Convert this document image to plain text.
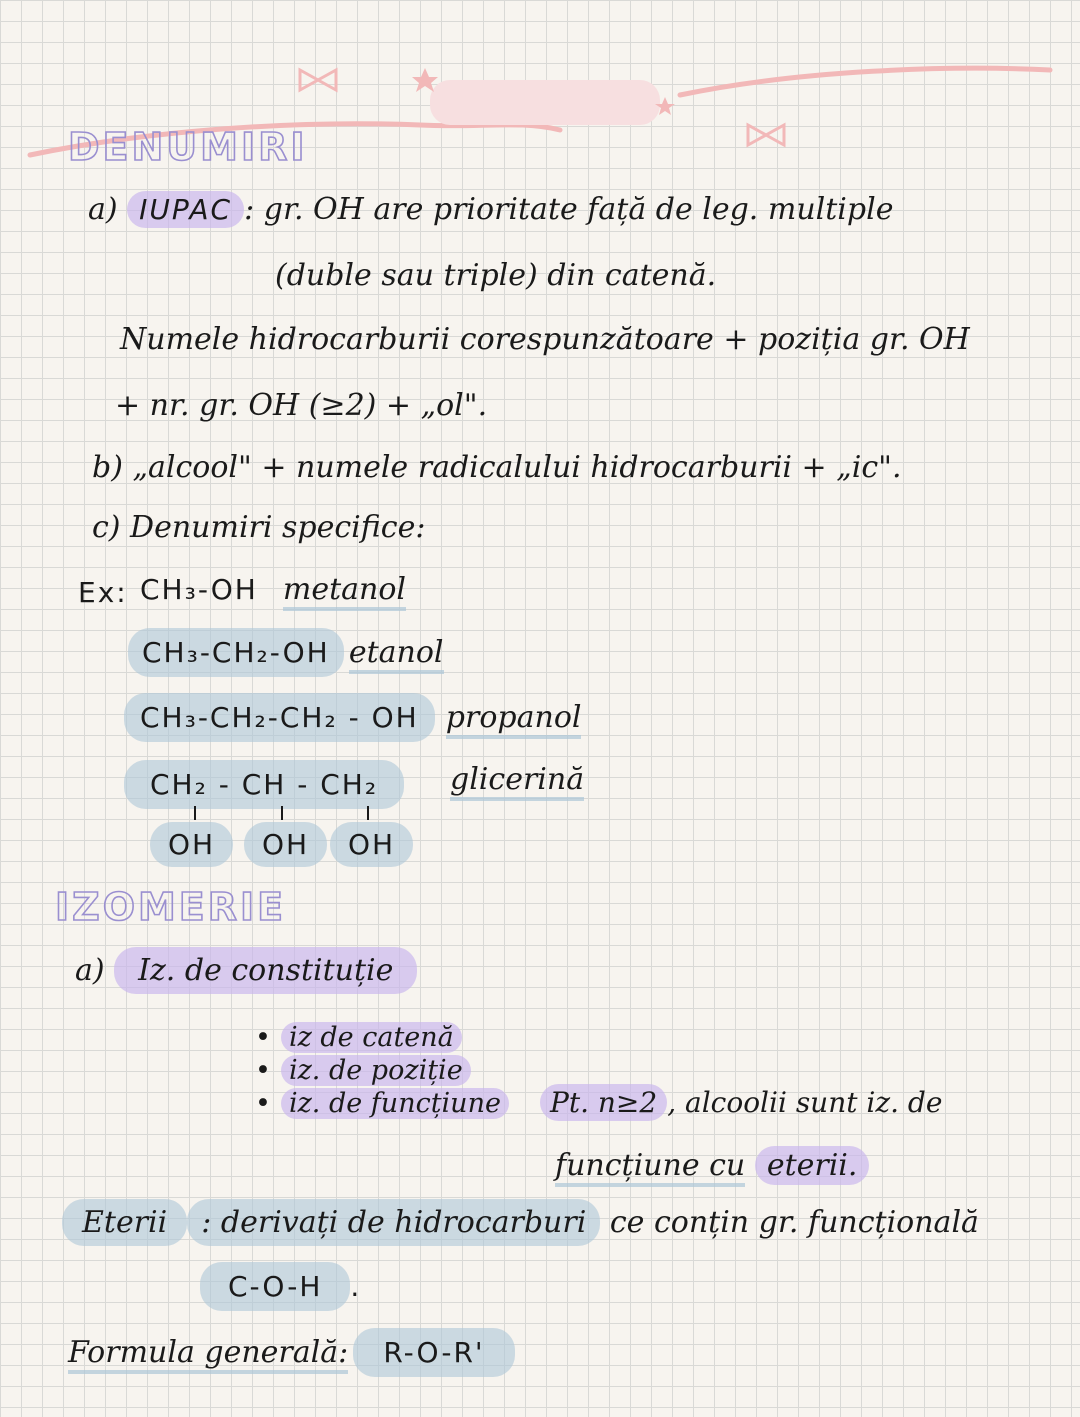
DENUMIRI
a) IUPAC : gr. OH are prioritate față de leg. multiple
(duble sau triple) din catenă.
Numele hidrocarburii corespunzătoare + poziția gr. OH
+ nr. gr. OH (≥2) + „ol".
b) „alcool" + numele radicalului hidrocarburii + „ic".
c) Denumiri specifice:
Ex: CH₃-OH metanol
CH₃-CH₂-OH etanol
CH₃-CH₂-CH₂ - OH propanol
CH₂ - CH - CH₂	glicerină
OH	OH	OH
IZOMERIE
a) Iz. de constituție
• iz de catenă
• iz. de poziție
• iz. de funcțiune	Pt. n≥2 , alcoolii sunt iz. de
funcțiune cu eterii.
Eterii : derivați de hidrocarburi ce conțin gr. funcțională
C-O-H .
Formula generală: R-O-R'
